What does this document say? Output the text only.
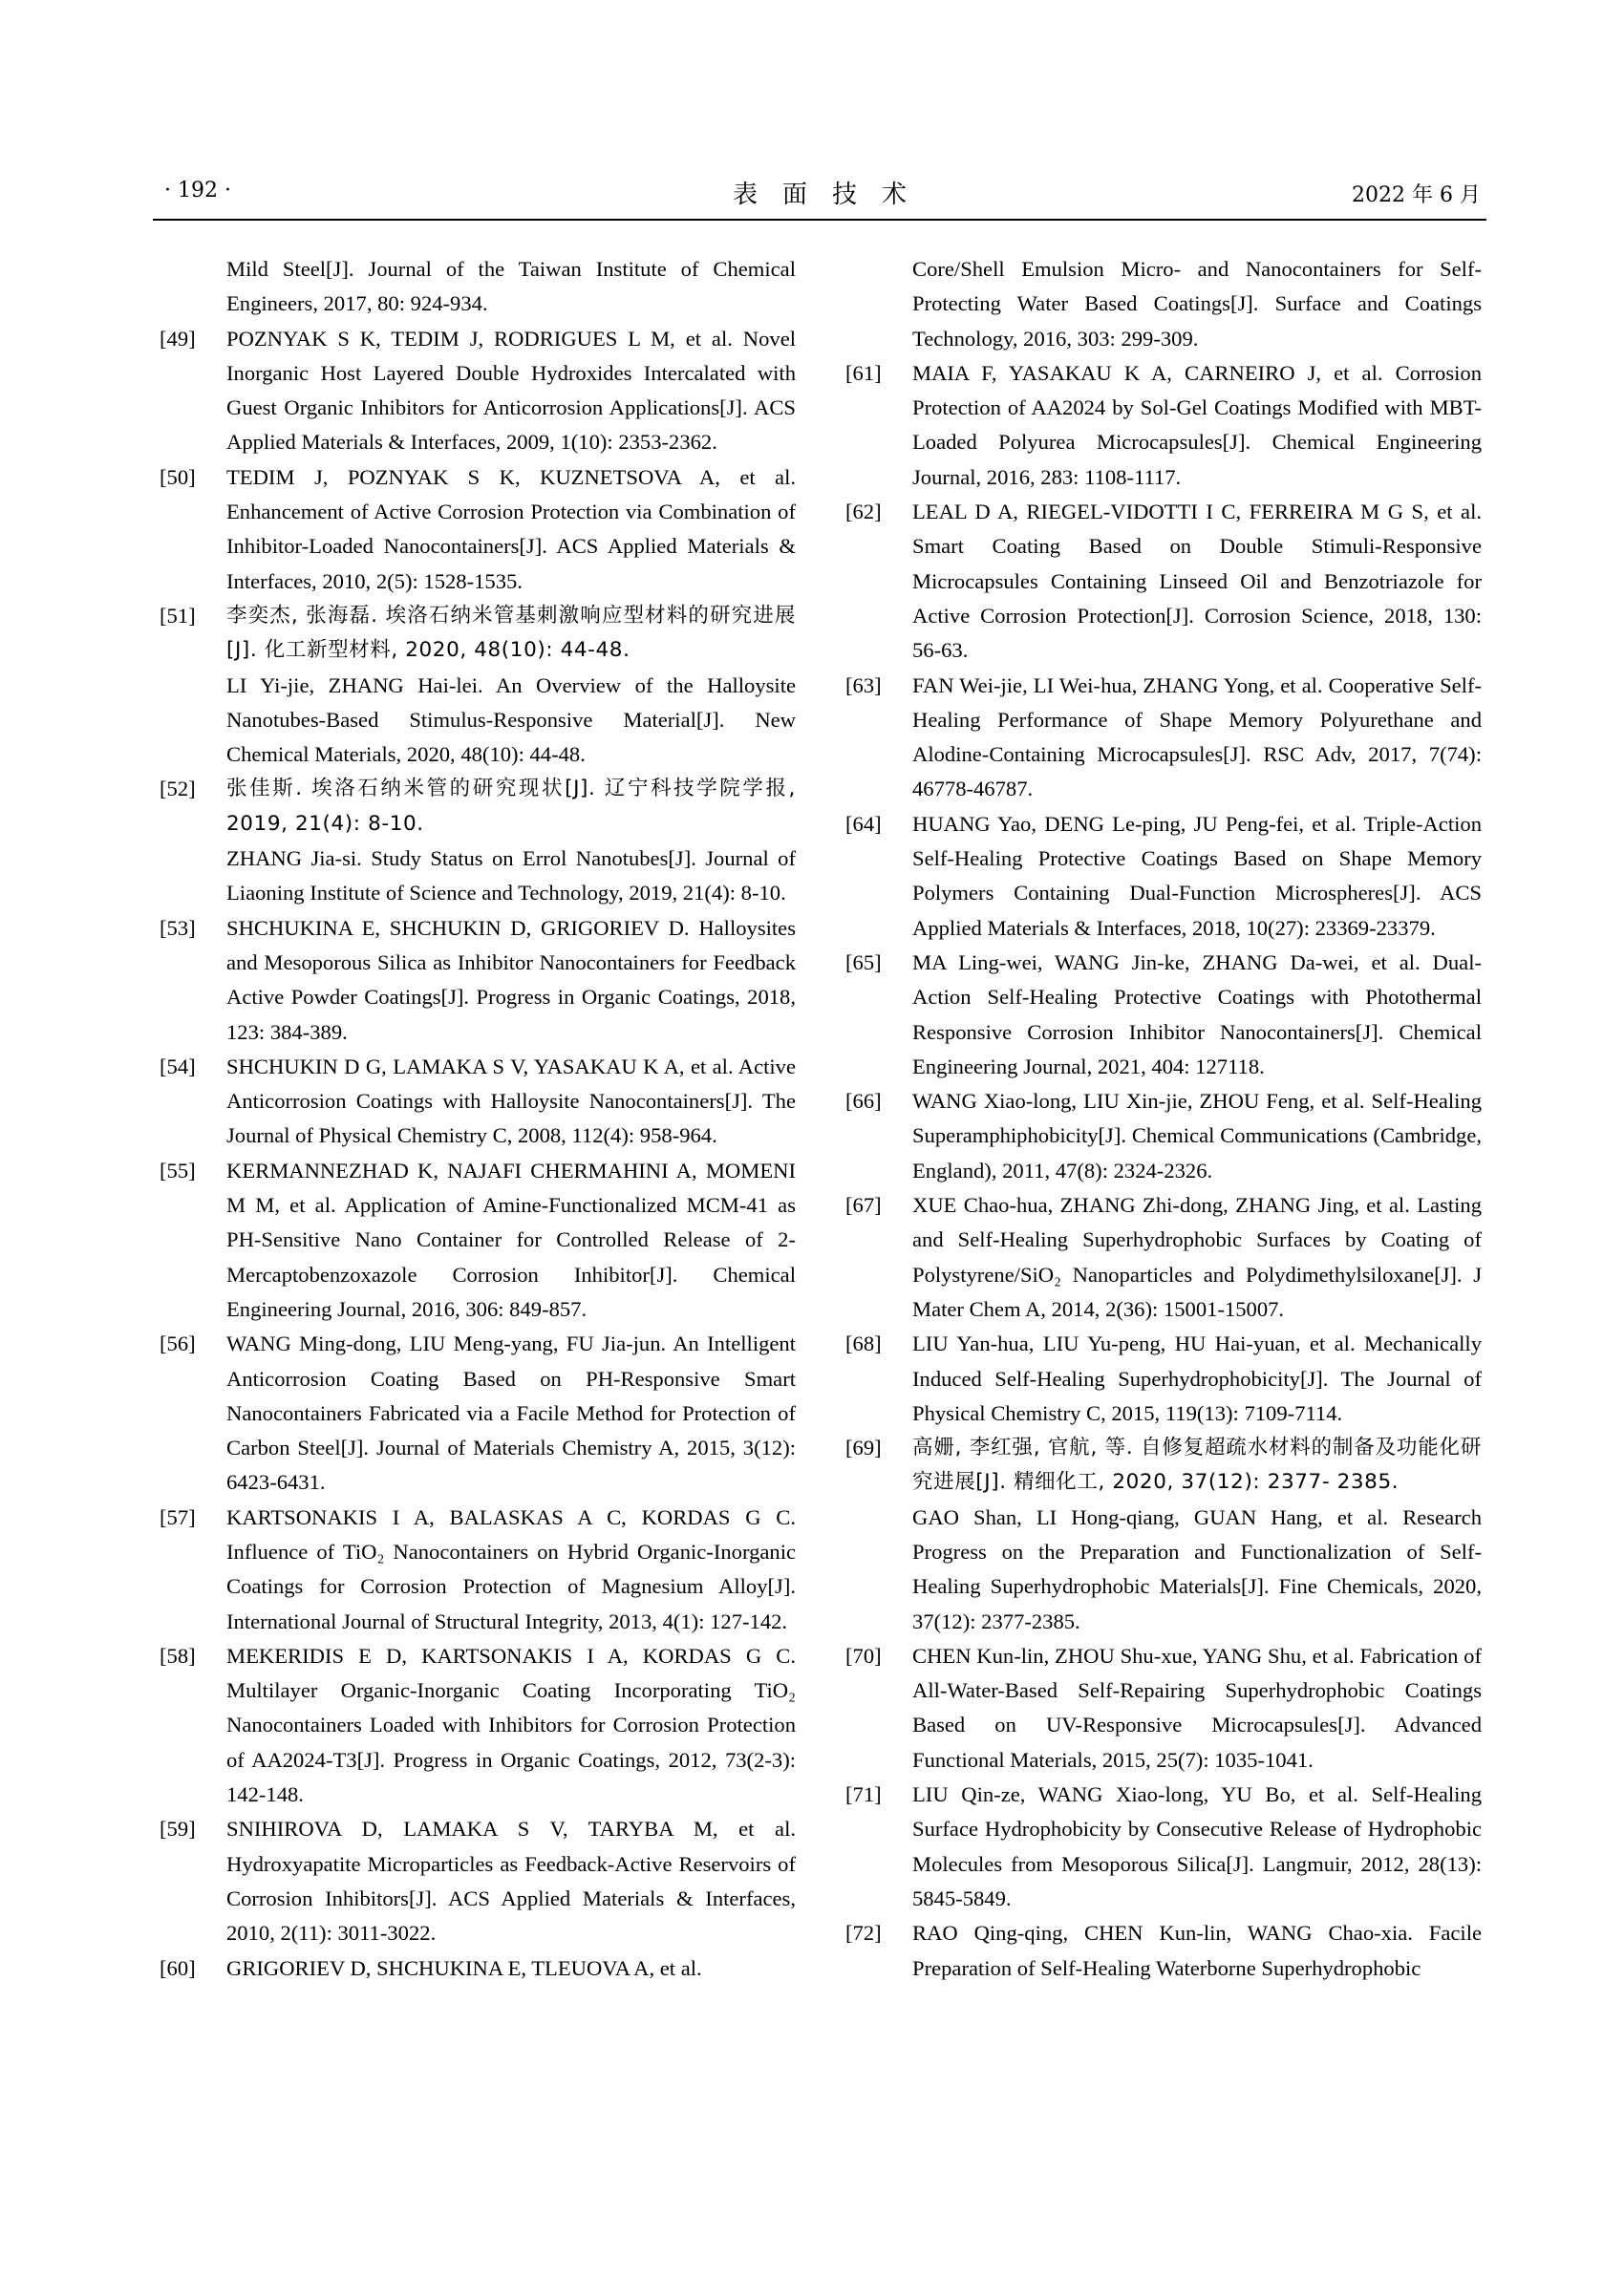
· 192 ·	表面技术	2022 年 6 月
Mild Steel[J]. Journal of the Taiwan Institute of Chemical Engineers, 2017, 80: 924-934.
[49] POZNYAK S K, TEDIM J, RODRIGUES L M, et al. Novel Inorganic Host Layered Double Hydroxides Intercalated with Guest Organic Inhibitors for Anticorrosion Applications[J]. ACS Applied Materials & Interfaces, 2009, 1(10): 2353-2362.
[50] TEDIM J, POZNYAK S K, KUZNETSOVA A, et al. Enhancement of Active Corrosion Protection via Combination of Inhibitor-Loaded Nanocontainers[J]. ACS Applied Materials & Interfaces, 2010, 2(5): 1528-1535.
[51] 李奕杰, 张海磊. 埃洛石纳米管基刺激响应型材料的研究进展[J]. 化工新型材料, 2020, 48(10): 44-48.
LI Yi-jie, ZHANG Hai-lei. An Overview of the Halloysite Nanotubes-Based Stimulus-Responsive Material[J]. New Chemical Materials, 2020, 48(10): 44-48.
[52] 张佳斯. 埃洛石纳米管的研究现状[J]. 辽宁科技学院学报, 2019, 21(4): 8-10.
ZHANG Jia-si. Study Status on Errol Nanotubes[J]. Journal of Liaoning Institute of Science and Technology, 2019, 21(4): 8-10.
[53] SHCHUKINA E, SHCHUKIN D, GRIGORIEV D. Halloysites and Mesoporous Silica as Inhibitor Nanocontainers for Feedback Active Powder Coatings[J]. Progress in Organic Coatings, 2018, 123: 384-389.
[54] SHCHUKIN D G, LAMAKA S V, YASAKAU K A, et al. Active Anticorrosion Coatings with Halloysite Nanocontainers[J]. The Journal of Physical Chemistry C, 2008, 112(4): 958-964.
[55] KERMANNEZHAD K, NAJAFI CHERMAHINI A, MOMENI M M, et al. Application of Amine-Functionalized MCM-41 as PH-Sensitive Nano Container for Controlled Release of 2-Mercaptobenzoxazole Corrosion Inhibitor[J]. Chemical Engineering Journal, 2016, 306: 849-857.
[56] WANG Ming-dong, LIU Meng-yang, FU Jia-jun. An Intelligent Anticorrosion Coating Based on PH-Responsive Smart Nanocontainers Fabricated via a Facile Method for Protection of Carbon Steel[J]. Journal of Materials Chemistry A, 2015, 3(12): 6423-6431.
[57] KARTSONAKIS I A, BALASKAS A C, KORDAS G C. Influence of TiO₂ Nanocontainers on Hybrid Organic-Inorganic Coatings for Corrosion Protection of Magnesium Alloy[J]. International Journal of Structural Integrity, 2013, 4(1): 127-142.
[58] MEKERIDIS E D, KARTSONAKIS I A, KORDAS G C. Multilayer Organic-Inorganic Coating Incorporating TiO₂ Nanocontainers Loaded with Inhibitors for Corrosion Protection of AA2024-T3[J]. Progress in Organic Coatings, 2012, 73(2-3): 142-148.
[59] SNIHIROVA D, LAMAKA S V, TARYBA M, et al. Hydroxyapatite Microparticles as Feedback-Active Reservoirs of Corrosion Inhibitors[J]. ACS Applied Materials & Interfaces, 2010, 2(11): 3011-3022.
[60] GRIGORIEV D, SHCHUKINA E, TLEUOVA A, et al.
Core/Shell Emulsion Micro- and Nanocontainers for Self-Protecting Water Based Coatings[J]. Surface and Coatings Technology, 2016, 303: 299-309.
[61] MAIA F, YASAKAU K A, CARNEIRO J, et al. Corrosion Protection of AA2024 by Sol-Gel Coatings Modified with MBT-Loaded Polyurea Microcapsules[J]. Chemical Engineering Journal, 2016, 283: 1108-1117.
[62] LEAL D A, RIEGEL-VIDOTTI I C, FERREIRA M G S, et al. Smart Coating Based on Double Stimuli-Responsive Microcapsules Containing Linseed Oil and Benzotriazole for Active Corrosion Protection[J]. Corrosion Science, 2018, 130: 56-63.
[63] FAN Wei-jie, LI Wei-hua, ZHANG Yong, et al. Cooperative Self-Healing Performance of Shape Memory Polyurethane and Alodine-Containing Microcapsules[J]. RSC Adv, 2017, 7(74): 46778-46787.
[64] HUANG Yao, DENG Le-ping, JU Peng-fei, et al. Triple-Action Self-Healing Protective Coatings Based on Shape Memory Polymers Containing Dual-Function Microspheres[J]. ACS Applied Materials & Interfaces, 2018, 10(27): 23369-23379.
[65] MA Ling-wei, WANG Jin-ke, ZHANG Da-wei, et al. Dual-Action Self-Healing Protective Coatings with Photothermal Responsive Corrosion Inhibitor Nanocontainers[J]. Chemical Engineering Journal, 2021, 404: 127118.
[66] WANG Xiao-long, LIU Xin-jie, ZHOU Feng, et al. Self-Healing Superamphiphobicity[J]. Chemical Communications (Cambridge, England), 2011, 47(8): 2324-2326.
[67] XUE Chao-hua, ZHANG Zhi-dong, ZHANG Jing, et al. Lasting and Self-Healing Superhydrophobic Surfaces by Coating of Polystyrene/SiO₂ Nanoparticles and Polydimethylsiloxane[J]. J Mater Chem A, 2014, 2(36): 15001-15007.
[68] LIU Yan-hua, LIU Yu-peng, HU Hai-yuan, et al. Mechanically Induced Self-Healing Superhydrophobicity[J]. The Journal of Physical Chemistry C, 2015, 119(13): 7109-7114.
[69] 高姗, 李红强, 官航, 等. 自修复超疏水材料的制备及功能化研究进展[J]. 精细化工, 2020, 37(12): 2377- 2385.
GAO Shan, LI Hong-qiang, GUAN Hang, et al. Research Progress on the Preparation and Functionalization of Self-Healing Superhydrophobic Materials[J]. Fine Chemicals, 2020, 37(12): 2377-2385.
[70] CHEN Kun-lin, ZHOU Shu-xue, YANG Shu, et al. Fabrication of All-Water-Based Self-Repairing Superhydrophobic Coatings Based on UV-Responsive Microcapsules[J]. Advanced Functional Materials, 2015, 25(7): 1035-1041.
[71] LIU Qin-ze, WANG Xiao-long, YU Bo, et al. Self-Healing Surface Hydrophobicity by Consecutive Release of Hydrophobic Molecules from Mesoporous Silica[J]. Langmuir, 2012, 28(13): 5845-5849.
[72] RAO Qing-qing, CHEN Kun-lin, WANG Chao-xia. Facile Preparation of Self-Healing Waterborne Superhydrophobic
